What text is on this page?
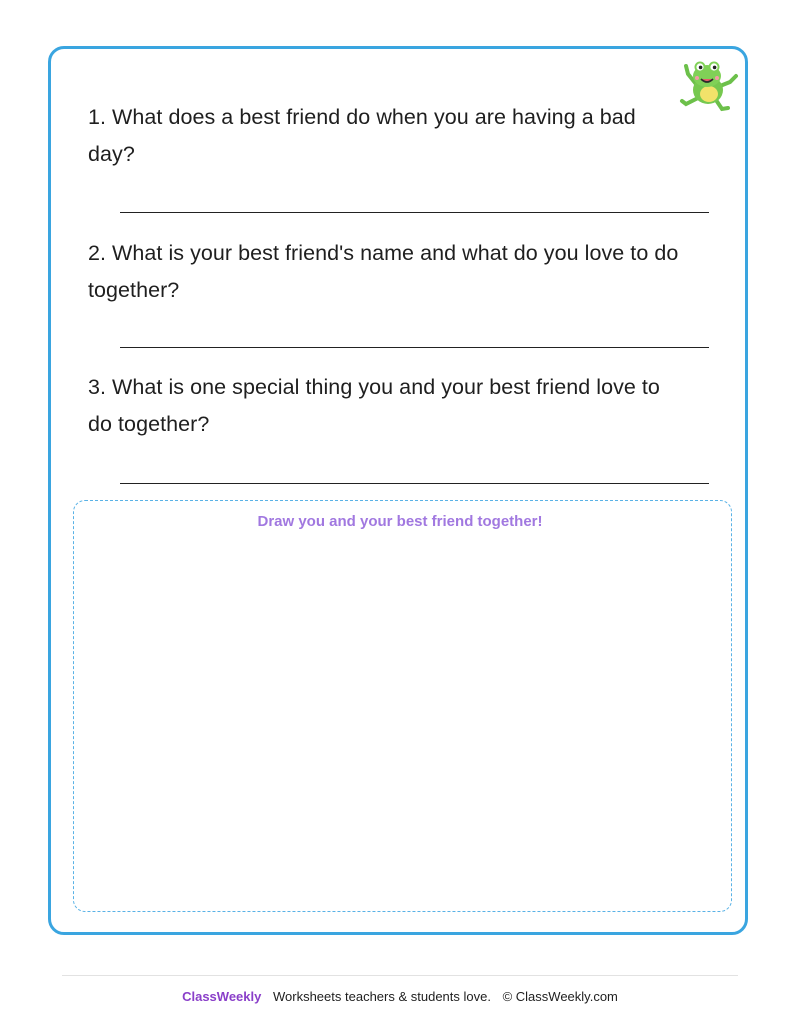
1. What does a best friend do when you are having a bad day?
2. What is your best friend's name and what do you love to do together?
3. What is one special thing you and your best friend love to do together?
Draw you and your best friend together!
ClassWeekly Worksheets teachers & students love. © ClassWeekly.com
